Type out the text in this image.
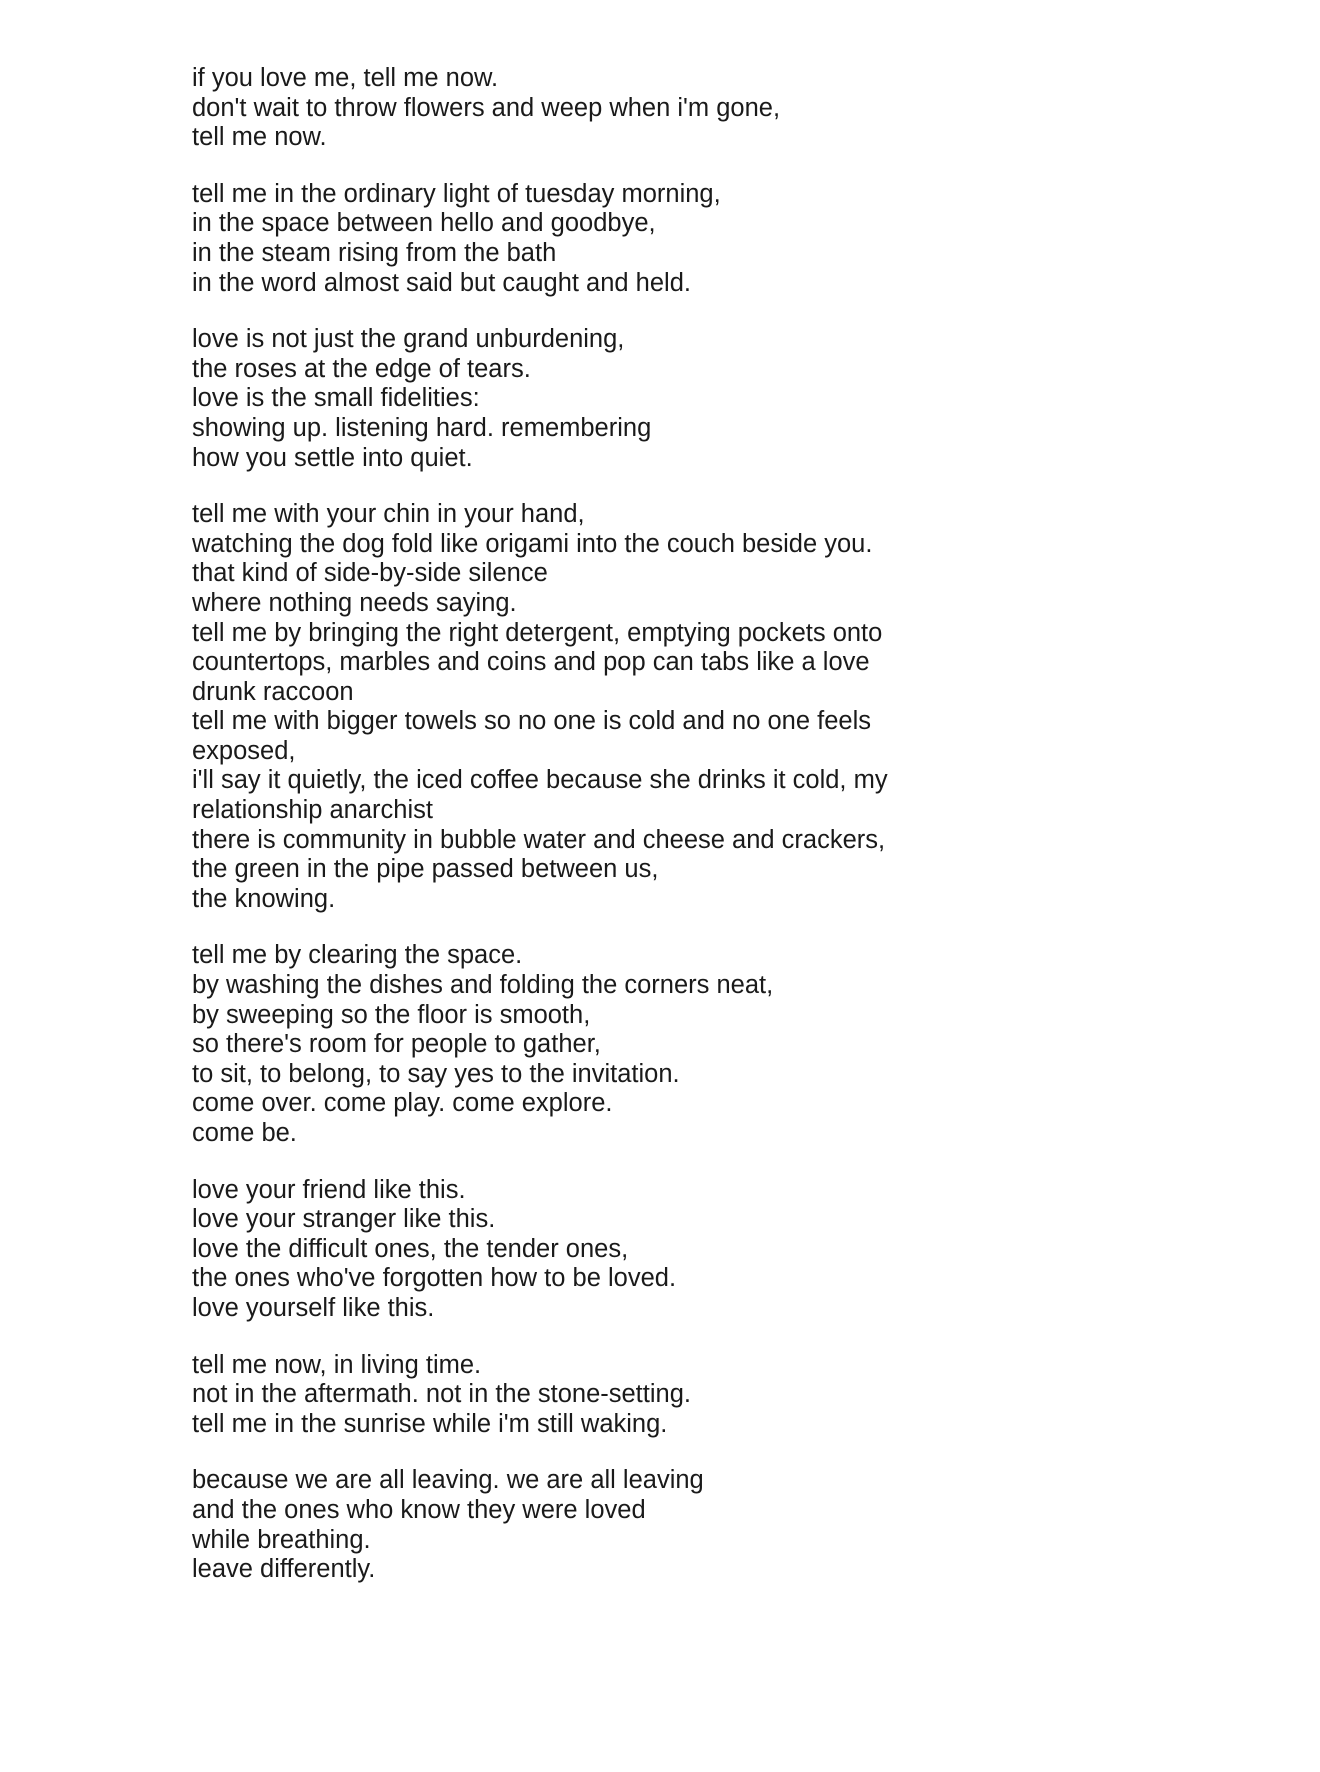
if you love me, tell me now.
don't wait to throw flowers and weep when i'm gone,
tell me now.
tell me in the ordinary light of tuesday morning,
in the space between hello and goodbye,
in the steam rising from the bath
in the word almost said but caught and held.
love is not just the grand unburdening,
the roses at the edge of tears.
love is the small fidelities:
showing up. listening hard. remembering
how you settle into quiet.
tell me with your chin in your hand,
watching the dog fold like origami into the couch beside you.
that kind of side-by-side silence
where nothing needs saying.
tell me by bringing the right detergent, emptying pockets onto
countertops, marbles and coins and pop can tabs like a love
drunk raccoon
tell me with bigger towels so no one is cold and no one feels
exposed,
i'll say it quietly, the iced coffee because she drinks it cold, my
relationship anarchist
there is community in bubble water and cheese and crackers,
the green in the pipe passed between us,
the knowing.
tell me by clearing the space.
by washing the dishes and folding the corners neat,
by sweeping so the floor is smooth,
so there's room for people to gather,
to sit, to belong, to say yes to the invitation.
come over. come play. come explore.
come be.
love your friend like this.
love your stranger like this.
love the difficult ones, the tender ones,
the ones who've forgotten how to be loved.
love yourself like this.
tell me now, in living time.
not in the aftermath. not in the stone-setting.
tell me in the sunrise while i'm still waking.
because we are all leaving. we are all leaving
and the ones who know they were loved
while breathing.
leave differently.
